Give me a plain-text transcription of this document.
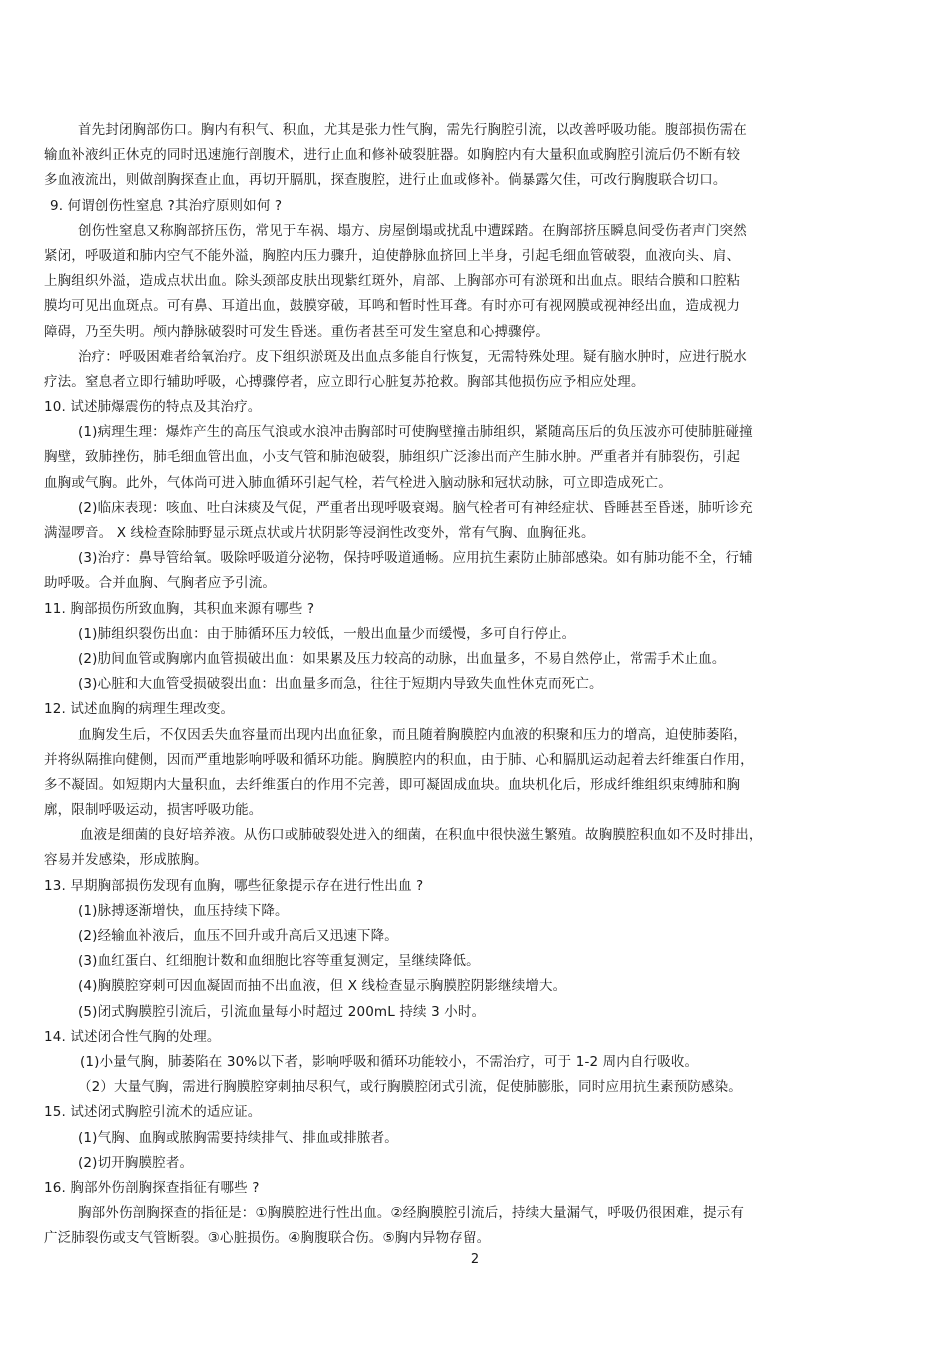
首先封闭胸部伤口。胸内有积气、积血，尤其是张力性气胸，需先行胸腔引流，以改善呼吸功能。腹部损伤需在
输血补液纠正休克的同时迅速施行剖腹术，进行止血和修补破裂脏器。如胸腔内有大量积血或胸腔引流后仍不断有较
多血液流出，则做剖胸探查止血，再切开膈肌，探查腹腔，进行止血或修补。倘暴露欠佳，可改行胸腹联合切口。
9. 何谓创伤性窒息 ?其治疗原则如何 ?
创伤性窒息又称胸部挤压伤，常见于车祸、塌方、房屋倒塌或扰乱中遭踩踏。在胸部挤压瞬息间受伤者声门突然
紧闭，呼吸道和肺内空气不能外溢，胸腔内压力骤升，迫使静脉血挤回上半身，引起毛细血管破裂，血液向头、肩、
上胸组织外溢，造成点状出血。除头颈部皮肤出现紫红斑外，肩部、上胸部亦可有淤斑和出血点。眼结合膜和口腔粘
膜均可见出血斑点。可有鼻、耳道出血，鼓膜穿破，耳鸣和暂时性耳聋。有时亦可有视网膜或视神经出血，造成视力
障碍，乃至失明。颅内静脉破裂时可发生昏迷。重伤者甚至可发生窒息和心搏骤停。
治疗：呼吸困难者给氧治疗。皮下组织淤斑及出血点多能自行恢复，无需特殊处理。疑有脑水肿时，应进行脱水
疗法。窒息者立即行辅助呼吸，心搏骤停者，应立即行心脏复苏抢救。胸部其他损伤应予相应处理。
10. 试述肺爆震伤的特点及其治疗。
(1)病理生理：爆炸产生的高压气浪或水浪冲击胸部时可使胸壁撞击肺组织，紧随高压后的负压波亦可使肺脏碰撞
胸壁，致肺挫伤，肺毛细血管出血，小支气管和肺泡破裂，肺组织广泛渗出而产生肺水肿。严重者并有肺裂伤，引起
血胸或气胸。此外，气体尚可进入肺血循环引起气栓，若气栓进入脑动脉和冠状动脉，可立即造成死亡。
(2)临床表现：咳血、吐白沫痰及气促，严重者出现呼吸衰竭。脑气栓者可有神经症状、昏睡甚至昏迷，肺听诊充
满湿啰音。 X 线检查除肺野显示斑点状或片状阴影等浸润性改变外，常有气胸、血胸征兆。
(3)治疗：鼻导管给氧。吸除呼吸道分泌物，保持呼吸道通畅。应用抗生素防止肺部感染。如有肺功能不全，行辅
助呼吸。合并血胸、气胸者应予引流。
11. 胸部损伤所致血胸，其积血来源有哪些 ?
(1)肺组织裂伤出血：由于肺循环压力较低，一般出血量少而缓慢，多可自行停止。
(2)肋间血管或胸廓内血管损破出血：如果累及压力较高的动脉，出血量多，不易自然停止，常需手术止血。
(3)心脏和大血管受损破裂出血：出血量多而急，往往于短期内导致失血性休克而死亡。
12. 试述血胸的病理生理改变。
血胸发生后，不仅因丢失血容量而出现内出血征象，而且随着胸膜腔内血液的积聚和压力的增高，迫使肺萎陷，
并将纵隔推向健侧，因而严重地影响呼吸和循环功能。胸膜腔内的积血，由于肺、心和膈肌运动起着去纤维蛋白作用，
多不凝固。如短期内大量积血，去纤维蛋白的作用不完善，即可凝固成血块。血块机化后，形成纤维组织束缚肺和胸
廓，限制呼吸运动，损害呼吸功能。
血液是细菌的良好培养液。从伤口或肺破裂处进入的细菌，在积血中很快滋生繁殖。故胸膜腔积血如不及时排出，
容易并发感染，形成脓胸。
13. 早期胸部损伤发现有血胸，哪些征象提示存在进行性出血 ?
(1)脉搏逐渐增快，血压持续下降。
(2)经输血补液后，血压不回升或升高后又迅速下降。
(3)血红蛋白、红细胞计数和血细胞比容等重复测定，呈继续降低。
(4)胸膜腔穿刺可因血凝固而抽不出血液，但 X 线检查显示胸膜腔阴影继续增大。
(5)闭式胸膜腔引流后，引流血量每小时超过 200mL 持续 3 小时。
14. 试述闭合性气胸的处理。
(1)小量气胸，肺萎陷在 30%以下者，影响呼吸和循环功能较小，不需治疗，可于 1-2 周内自行吸收。
（2）大量气胸，需进行胸膜腔穿刺抽尽积气，或行胸膜腔闭式引流，促使肺膨胀，同时应用抗生素预防感染。
15. 试述闭式胸腔引流术的适应证。
(1)气胸、血胸或脓胸需要持续排气、排血或排脓者。
(2)切开胸膜腔者。
16. 胸部外伤剖胸探查指征有哪些 ?
胸部外伤剖胸探查的指征是：①胸膜腔进行性出血。②经胸膜腔引流后，持续大量漏气，呼吸仍很困难，提示有
广泛肺裂伤或支气管断裂。③心脏损伤。④胸腹联合伤。⑤胸内异物存留。
2
